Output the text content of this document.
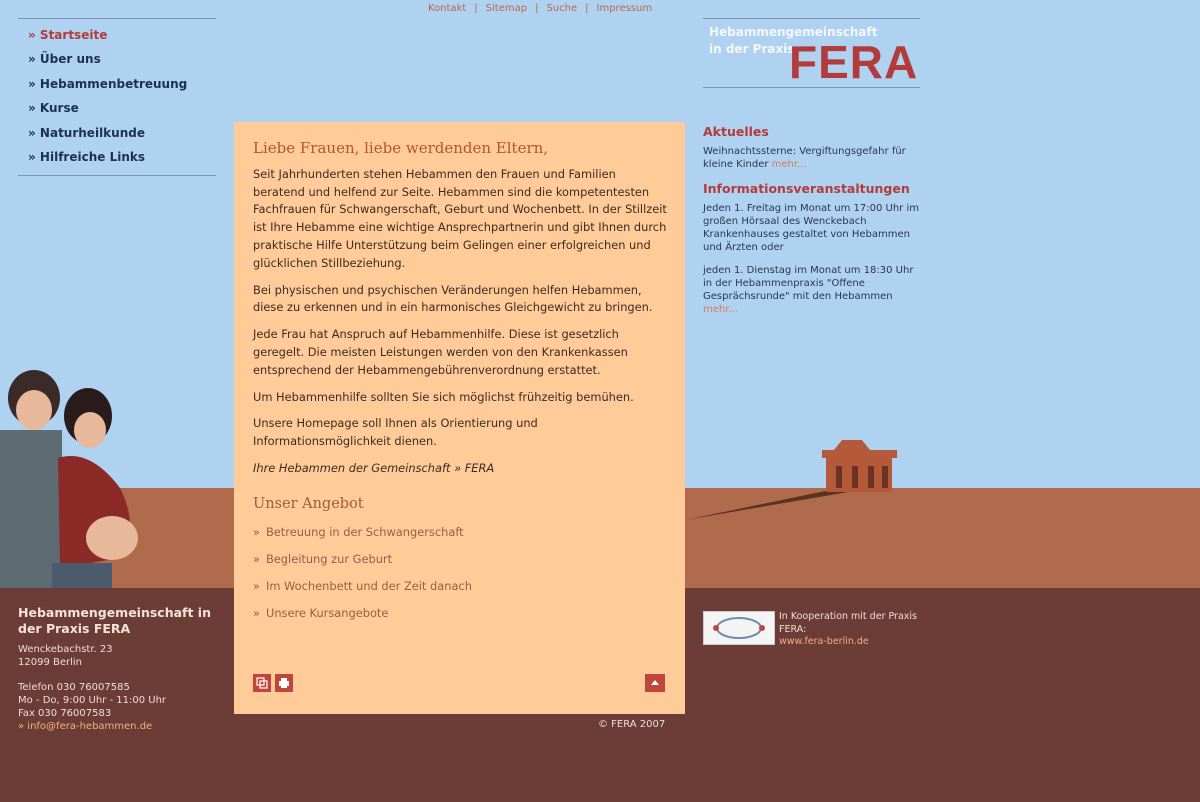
Kontakt | Sitemap | Suche | Impressum
» Startseite
» Über uns
» Hebammenbetreuung
» Kurse
» Naturheilkunde
» Hilfreiche Links
Hebammengemeinschaft
in der Praxis
FERA
Liebe Frauen, liebe werdenden Eltern,

Seit Jahrhunderten stehen Hebammen den Frauen und Familien beratend und helfend zur Seite. Hebammen sind die kompetentesten Fachfrauen für Schwangerschaft, Geburt und Wochenbett. In der Stillzeit ist Ihre Hebamme eine wichtige Ansprechpartnerin und gibt Ihnen durch praktische Hilfe Unterstützung beim Gelingen einer erfolgreichen und glücklichen Stillbeziehung.

Bei physischen und psychischen Veränderungen helfen Hebammen, diese zu erkennen und in ein harmonisches Gleichgewicht zu bringen.

Jede Frau hat Anspruch auf Hebammenhilfe. Diese ist gesetzlich geregelt. Die meisten Leistungen werden von den Krankenkassen entsprechend der Hebammengebührenverordnung erstattet.

Um Hebammenhilfe sollten Sie sich möglichst frühzeitig bemühen.

Unsere Homepage soll Ihnen als Orientierung und Informationsmöglichkeit dienen.

Ihre Hebammen der Gemeinschaft » FERA

Unser Angebot
» Betreuung in der Schwangerschaft
» Begleitung zur Geburt
» Im Wochenbett und der Zeit danach
» Unsere Kursangebote
Aktuelles

Weihnachtssterne: Vergiftungsgefahr für kleine Kinder mehr...

Informationsveranstaltungen

Jeden 1. Freitag im Monat um 17:00 Uhr im großen Hörsaal des Wenckebach Krankenhauses gestaltet von Hebammen und Ärzten oder

jeden 1. Dienstag im Monat um 18:30 Uhr in der Hebammenpraxis "Offene Gesprächsrunde" mit den Hebammen
mehr...

Hebammengemeinschaft in der Praxis FERA
Wenckebachstr. 23
12099 Berlin
Telefon 030 76007585
Mo - Do, 9:00 Uhr - 11:00 Uhr
Fax 030 76007583
» info@fera-hebammen.de
In Kooperation mit der Praxis FERA:
www.fera-berlin.de
© FERA 2007
